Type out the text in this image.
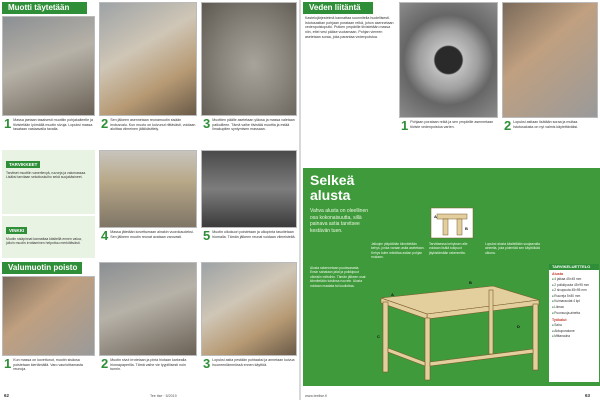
Muotti täytetään
1 Massa jaetaan tasaisesti muottiin pohjakaiteelle ja tiivistetään lyömällä muotin sivuja. Lopuksi massa tasataan vastaavalla tavalla.	2 Sen jälkeen asennetaan reunamuotin sisään irrotusvalu. Kun muoto on kuivunut riittävästi, voidaan aloittaa viimeinen jälkikäsittely.	3 Muottien päälle asetetaan yläosa ja massa valetaan paikoilleen. Tämä vaihe tiivistää muottia ja estää ilmakuplien syntymisen massaan.
TARVIKKEET
Tarvitset muottiin vanerilevyä, ruuveja ja valumassaa. Lisäksi tarvitaan sekoituskulho sekä suojakäsineet.
VINKKI
Muotin sisäpinnat kannattaa käsitellä ennen valua, jolloin muotin irrottaminen helpottuu merkittävästi.
4 Massa jätetään kovettumaan ainakin vuorokaudeksi. Sen jälkeen muotin reunat avataan varovasti.	5 Muotin ulkokuori poistetaan ja ulkopinta tasoitetaan hiomalla. Tämän jälkeen reunat voidaan viimeistellä.
Valumuotin poisto
1 Kun massa on kovettunut, muotin sisäosa poistetaan kiertämällä. Varo vaurioittamasta reunoja.	2 Muotin sivut irrotetaan ja pinta hiotaan karkealla hiomapaperilla. Tämä vaihe vie tyypillisesti noin tunnin.	3 Lopuksi astia pestään puhtaaksi ja annetaan kuivua huoneenlämmössä ennen käyttöä.
62	Tee itse · 5/2019
Veden liitäntä
Kastelujärjestelmä kannattaa suunnitella huolellisesti. Istutusastian pohjaan porataan reikä, johon asennetaan vedenpoistoputki. Putken ympärille tiivistetään massa niin, ettei vesi pääse vuotamaan. Pohjan viereen asetetaan soraa, joka parantaa vedenpoistoa.
1 Pohjaan porataan reikä ja sen ympärille asennetaan tiiviste vedenpoistoa varten.	2 Lopuksi astiaan lisätään soraa ja multaa. Istutusalusta on nyt valmis käytettäväksi.
Selkeä
alusta
Vahva alusta on oleellinen osa kokonaisuutta, sillä painava astia tarvitsee kestävän tuen.
Alusta rakennetaan puutavarasta. Ensin sahataan jalat ja poikkipuut oikeisiin mittoihin. Tämän jälkeen osat kiinnitetään toisiinsa ruuvein. Alusta voidaan maalata tai kuullottaa.
Jalkojen yläpäähän kiinnitetään kehys, jonka varaan astia asetetaan. Kehys tulee mitoittaa astian pohjan mukaan.
Tarvittaessa kehyksen alle voidaan lisätä tukipuut jäykistämään rakennetta.
Lopuksi alusta käsitellään suojaavalla aineella, joka pidentää sen käyttöikää ulkona.
A
B
C
D
A
B
TARVIKELUETTELO
Alusta
■ 4 jalkaa 45×45 mm
■ 2 poikkipuuta 45×95 mm
■ 2 sivupuuta 45×95 mm
■ Ruuveja 5×80 mm
■ Kulmaraudat 4 kpl
■ Liimaa
■ Puunsuoja-ainetta
Työkalut
■ Saha
■ Akkuporakone
■ Mittanauha
www.teeitse.fi	63
